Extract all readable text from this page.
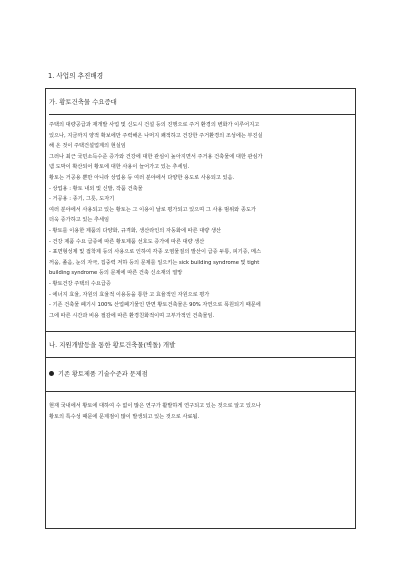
1. 사업의 추진배경
가. 황토건축물 수요증대
주택의 대량공급과 재개발 사업 및 신도시 건설 등의 진행으로 주거 환경의 변화가 이루어지고
있으나, 지금까지 양적 확보에만 주력해온 나머지 쾌적하고 건강한 주거환경의 조성에는 부진실
해 온 것이 주택건설업계의 현실임
그러나 최근 국민소득수준 증가와 건강에 대한 관심이 높아지면서 주거용 건축물에 대한 관심가
넴 도막이 확산되어 황토에 대한 사용이 늘어가고 있는 추세임.
황토는 거공용 뿐만 아니라 상업용 등 여러 분야에서 다양한 용도로 사용되고 있음.
- 상업용 : 황토 내외 및 신발, 작품 건축물
- 거공용 : 종기, 그릇, 도자기
여러 분야에서 사용되고 있는 황토는 그 이용이 날로 평가되고 있으며 그 사용 범위와 종도가
더욱 증가하고 있는 추세임
- 황토를 이용한 제품의 다양화, 규격화, 생산라인의 자동화에 따른 대량 생산
- 건강 제품 수요 급증에 따른 황토제품 선호도 증가에 따른 대량 생산
- 표면형성제 및 접착제 등의 사용으로 인하여 각종 오염물질의 발산이 급증 두통, 피기증, 메스
꺼움, 졸음, 눈의 자극, 집중력 저하 등의 문제를 일으키는 sick building syndrome 및 tight
building syndrome 등의 문제에 따른 건축 신소재의 열망
- 황토건강 주택의 수요급증
- 에너지 효율, 자원의 효율적 이용등을 통한 고 효율적인 자원으로 평가
- 기존 건축물 폐기시 100% 산업폐기물인 반면 황토건축물은 90% 자연으로 폭원되기 때문에
그에 따른 시간과 비용 절감에 따른 환경친화적이며 고부가적인 건축물임.
나. 지원개발등을 통한 황토건축물(벽돌) 개발
기존 황토제품 기술수준과 문제점
현재 국내에서 황토에 대하여 수 없이 많은 연구가 활발하게 연구되고 있는 것으로 알고 있으나
황토의 특수성 때문에 문제점이 많이 발생되고 있는 것으로 사료됨.
